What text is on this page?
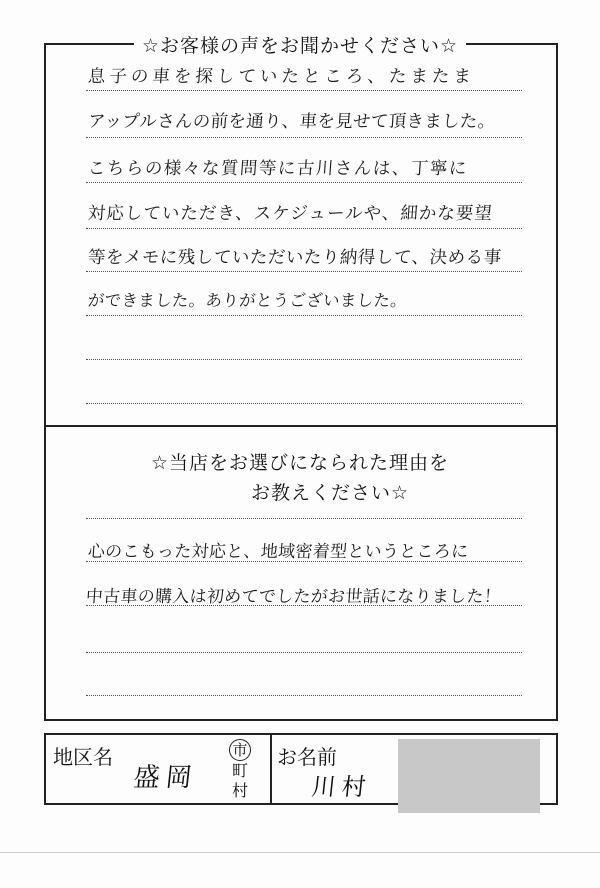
☆お客様の声をお聞かせください☆
息子の車を探していたところ、たまたま
アップルさんの前を通り、車を見せて頂きました。
こちらの様々な質問等に古川さんは、丁寧に
対応していただき、スケジュールや、細かな要望
等をメモに残していただいたり納得して、決める事
ができました。ありがとうございました。
☆当店をお選びになられた理由を
お教えください☆
心のこもった対応と、地域密着型というところに
中古車の購入は初めてでしたがお世話になりました！
地区名
盛岡
市
町
村
お名前
川村
